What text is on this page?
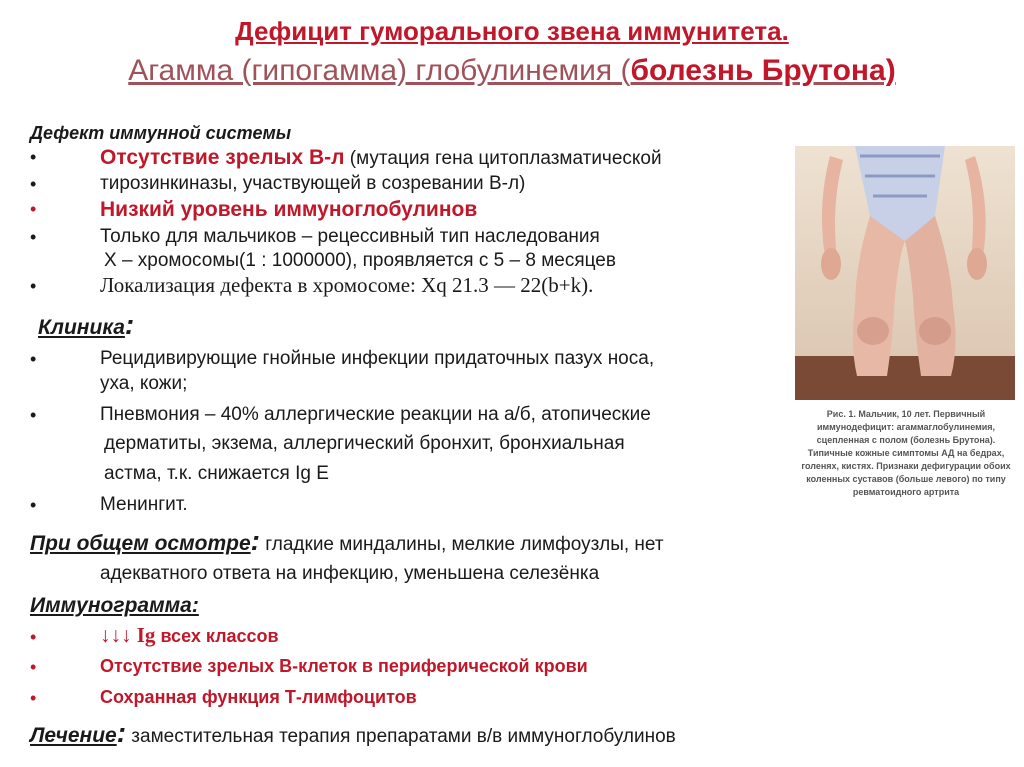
Дефицит гуморального звена иммунитета.
Агамма (гипогамма) глобулинемия (болезнь Брутона)
Дефект иммунной системы
•	Отсутствие зрелых В-л (мутация гена цитоплазматической
•	тирозинкиназы, участвующей в созревании В-л)
•	Низкий уровень иммуноглобулинов
•	Только для мальчиков – рецессивный тип наследования
Х – хромосомы(1 : 1000000), проявляется с 5 – 8 месяцев
•	Локализация дефекта в хромосоме: Xq 21.3 — 22(b+k).
Клиника:
•	Рецидивирующие гнойные инфекции придаточных пазух носа,
уха, кожи;
•	Пневмония – 40% аллергические реакции на а/б, атопические
дерматиты, экзема, аллергический бронхит, бронхиальная
астма, т.к. снижается Ig E
•	Менингит.
При общем осмотре: гладкие миндалины, мелкие лимфоузлы, нет
адекватного ответа на инфекцию, уменьшена селезёнка
Иммунограмма:
•	↓↓↓ Ig всех классов
•	Отсутствие зрелых В-клеток в периферической крови
•	Сохранная функция Т-лимфоцитов
Лечение: заместительная терапия препаратами в/в иммуноглобулинов
Рис. 1. Мальчик, 10 лет. Первичный иммунодефицит: агаммаглобулинемия, сцепленная с полом (болезнь Брутона). Типичные кожные симптомы АД на бедрах, голенях, кистях. Признаки дефигурации обоих коленных суставов (больше левого) по типу ревматоидного артрита
